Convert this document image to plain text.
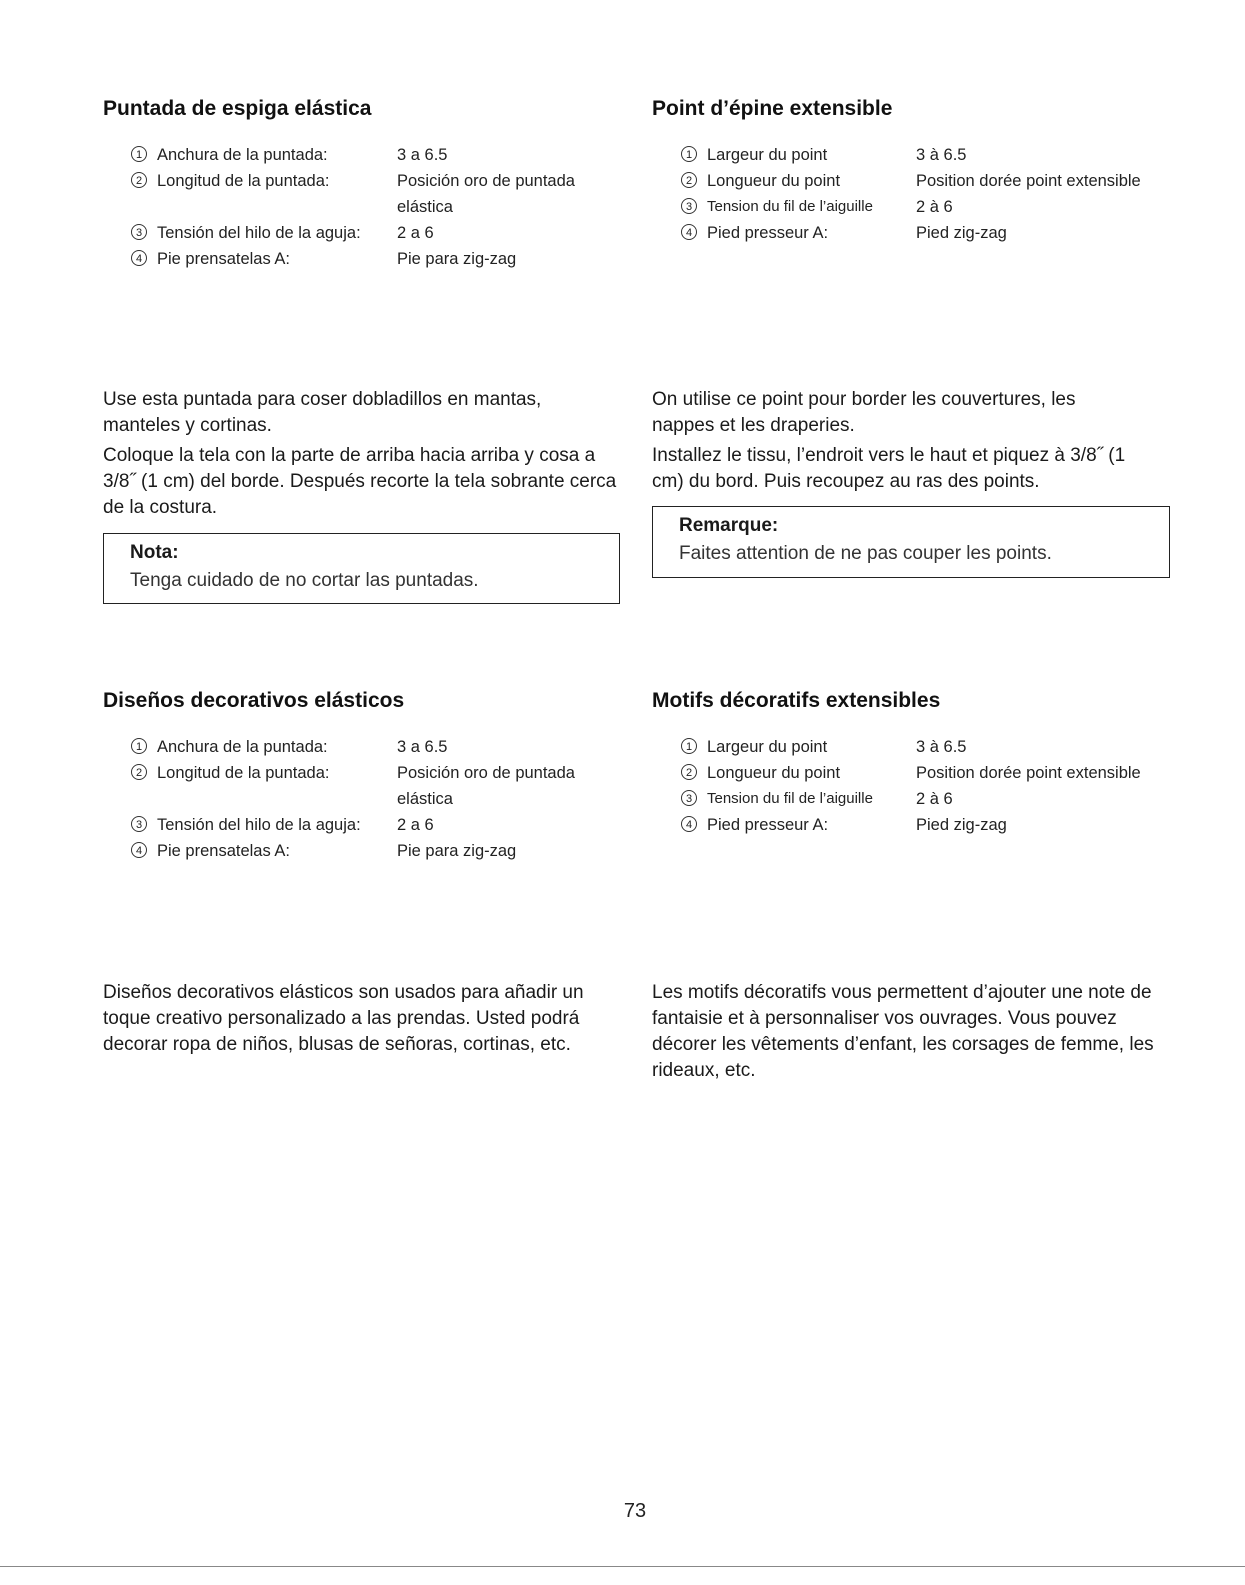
Puntada de espiga elástica
1 Anchura de la puntada:	3 a 6.5
2 Longitud de la puntada:	Posición oro de puntada
elástica
3 Tensión del hilo de la aguja: 2 a 6
4 Pie prensatelas A:	Pie para zig-zag

Use esta puntada para coser dobladillos en mantas, manteles y cortinas.

Coloque la tela con la parte de arriba hacia arriba y cosa a 3/8˝ (1 cm) del borde. Después recorte la tela sobrante cerca de la costura.

Nota:
Tenga cuidado de no cortar las puntadas.
Point d’épine extensible
1 Largeur du point	3 à 6.5
2 Longueur du point	Position dorée point extensible
3 Tension du fil de l’aiguille	2 à 6
4 Pied presseur A:	Pied zig-zag

On utilise ce point pour border les couvertures, les nappes et les draperies.

Installez le tissu, l’endroit vers le haut et piquez à 3/8˝ (1 cm) du bord. Puis recoupez au ras des points.

Remarque:
Faites attention de ne pas couper les points.
Diseños decorativos elásticos
1 Anchura de la puntada:	3 a 6.5
2 Longitud de la puntada:	Posición oro de puntada
elástica
3 Tensión del hilo de la aguja: 2 a 6
4 Pie prensatelas A:	Pie para zig-zag

Diseños decorativos elásticos son usados para añadir un toque creativo personalizado a las prendas. Usted podrá decorar ropa de niños, blusas de señoras, cortinas, etc.

Motifs décoratifs extensibles
1 Largeur du point	3 à 6.5
2 Longueur du point	Position dorée point extensible
3 Tension du fil de l’aiguille	2 à 6
4 Pied presseur A:	Pied zig-zag

Les motifs décoratifs vous permettent d’ajouter une note de fantaisie et à personnaliser vos ouvrages. Vous pouvez décorer les vêtements d’enfant, les corsages de femme, les rideaux, etc.

73
